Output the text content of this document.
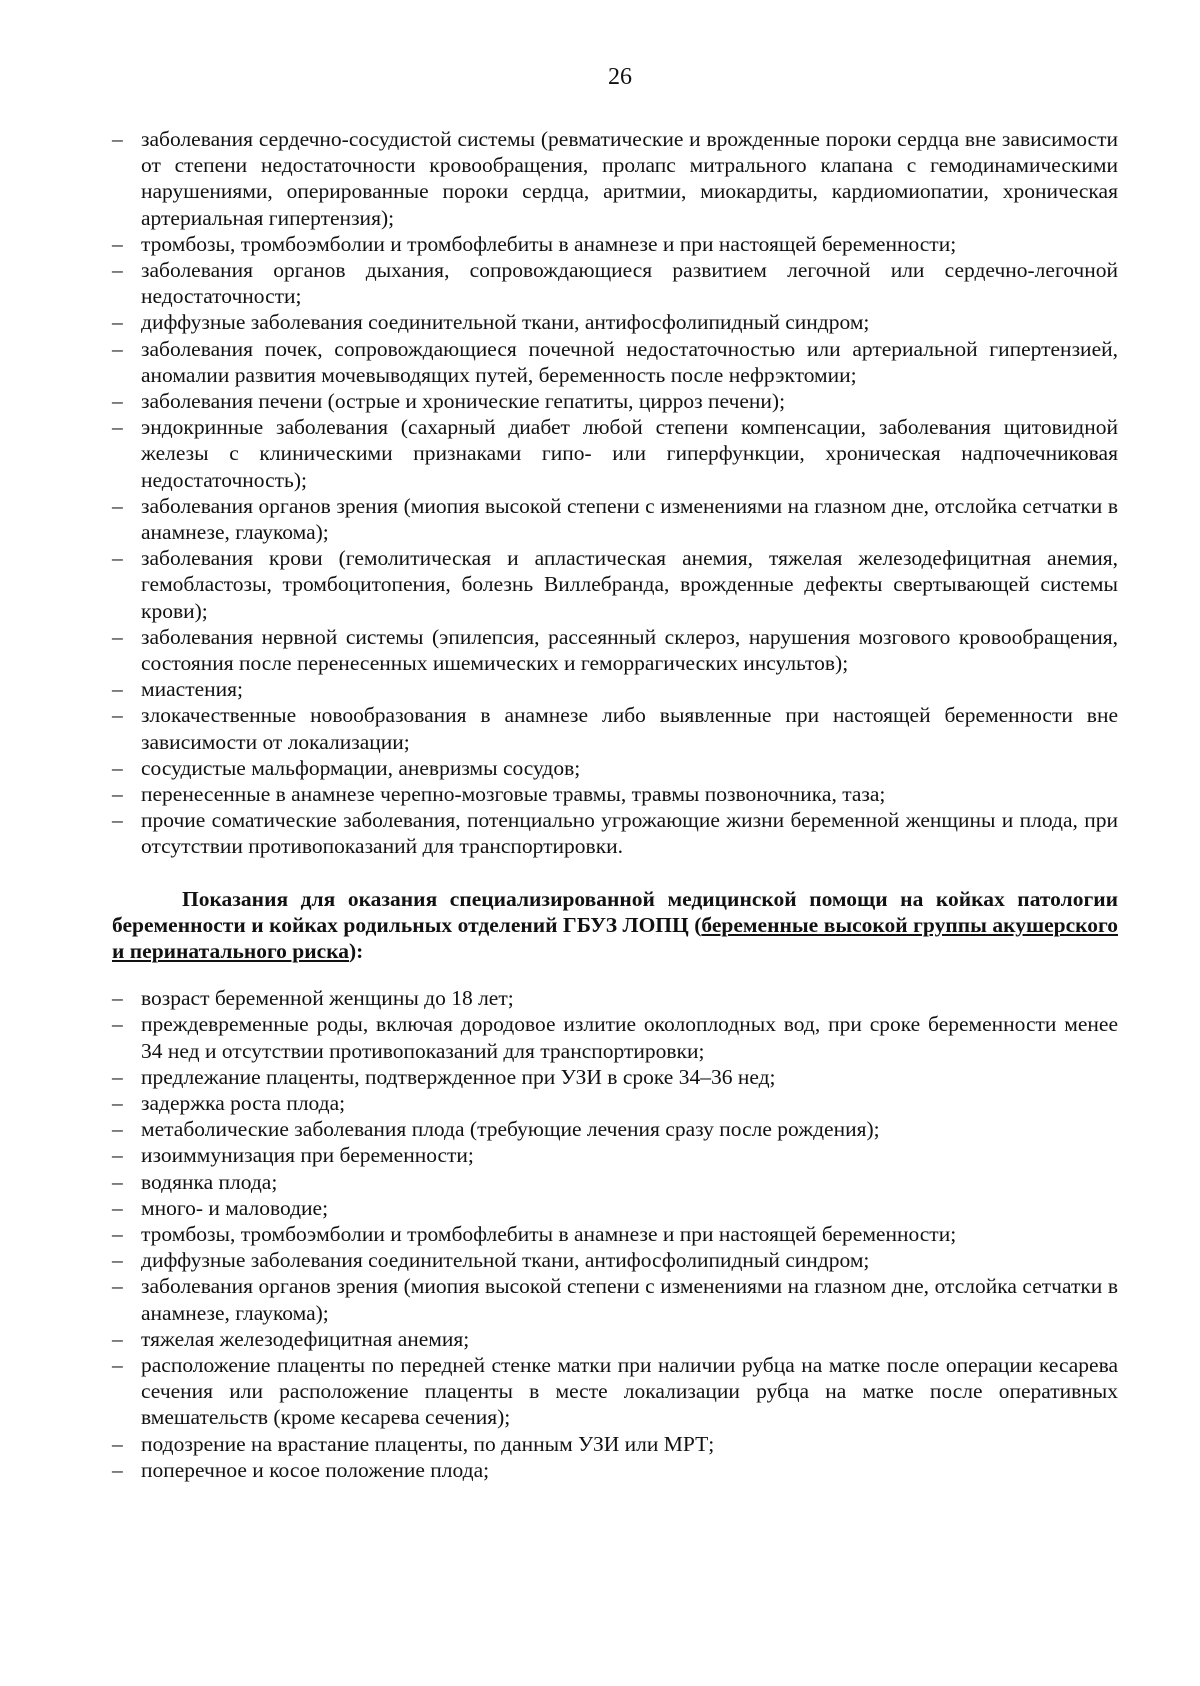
26
– заболевания сердечно-сосудистой системы (ревматические и врожденные пороки сердца вне зависимости от степени недостаточности кровообращения, пролапс митрального клапана с гемодинамическими нарушениями, оперированные пороки сердца, аритмии, миокардиты, кардиомиопатии, хроническая артериальная гипертензия);
– тромбозы, тромбоэмболии и тромбофлебиты в анамнезе и при настоящей беременности;
– заболевания органов дыхания, сопровождающиеся развитием легочной или сердечно-легочной недостаточности;
– диффузные заболевания соединительной ткани, антифосфолипидный синдром;
– заболевания почек, сопровождающиеся почечной недостаточностью или артериальной гипертензией, аномалии развития мочевыводящих путей, беременность после нефрэктомии;
– заболевания печени (острые и хронические гепатиты, цирроз печени);
– эндокринные заболевания (сахарный диабет любой степени компенсации, заболевания щитовидной железы с клиническими признаками гипо- или гиперфункции, хроническая надпочечниковая недостаточность);
– заболевания органов зрения (миопия высокой степени с изменениями на глазном дне, отслойка сетчатки в анамнезе, глаукома);
– заболевания крови (гемолитическая и апластическая анемия, тяжелая железодефицитная анемия, гемобластозы, тромбоцитопения, болезнь Виллебранда, врожденные дефекты свертывающей системы крови);
– заболевания нервной системы (эпилепсия, рассеянный склероз, нарушения мозгового кровообращения, состояния после перенесенных ишемических и геморрагических инсультов);
– миастения;
– злокачественные новообразования в анамнезе либо выявленные при настоящей беременности вне зависимости от локализации;
– сосудистые мальформации, аневризмы сосудов;
– перенесенные в анамнезе черепно-мозговые травмы, травмы позвоночника, таза;
– прочие соматические заболевания, потенциально угрожающие жизни беременной женщины и плода, при отсутствии противопоказаний для транспортировки.

Показания для оказания специализированной медицинской помощи на койках патологии беременности и койках родильных отделений ГБУЗ ЛОПЦ (беременные высокой группы акушерского и перинатального риска):

– возраст беременной женщины до 18 лет;
– преждевременные роды, включая дородовое излитие околоплодных вод, при сроке беременности менее 34 нед и отсутствии противопоказаний для транспортировки;
– предлежание плаценты, подтвержденное при УЗИ в сроке 34–36 нед;
– задержка роста плода;
– метаболические заболевания плода (требующие лечения сразу после рождения);
– изоиммунизация при беременности;
– водянка плода;
– много- и маловодие;
– тромбозы, тромбоэмболии и тромбофлебиты в анамнезе и при настоящей беременности;
– диффузные заболевания соединительной ткани, антифосфолипидный синдром;
– заболевания органов зрения (миопия высокой степени с изменениями на глазном дне, отслойка сетчатки в анамнезе, глаукома);
– тяжелая железодефицитная анемия;
– расположение плаценты по передней стенке матки при наличии рубца на матке после операции кесарева сечения или расположение плаценты в месте локализации рубца на матке после оперативных вмешательств (кроме кесарева сечения);
– подозрение на врастание плаценты, по данным УЗИ или МРТ;
– поперечное и косое положение плода;
